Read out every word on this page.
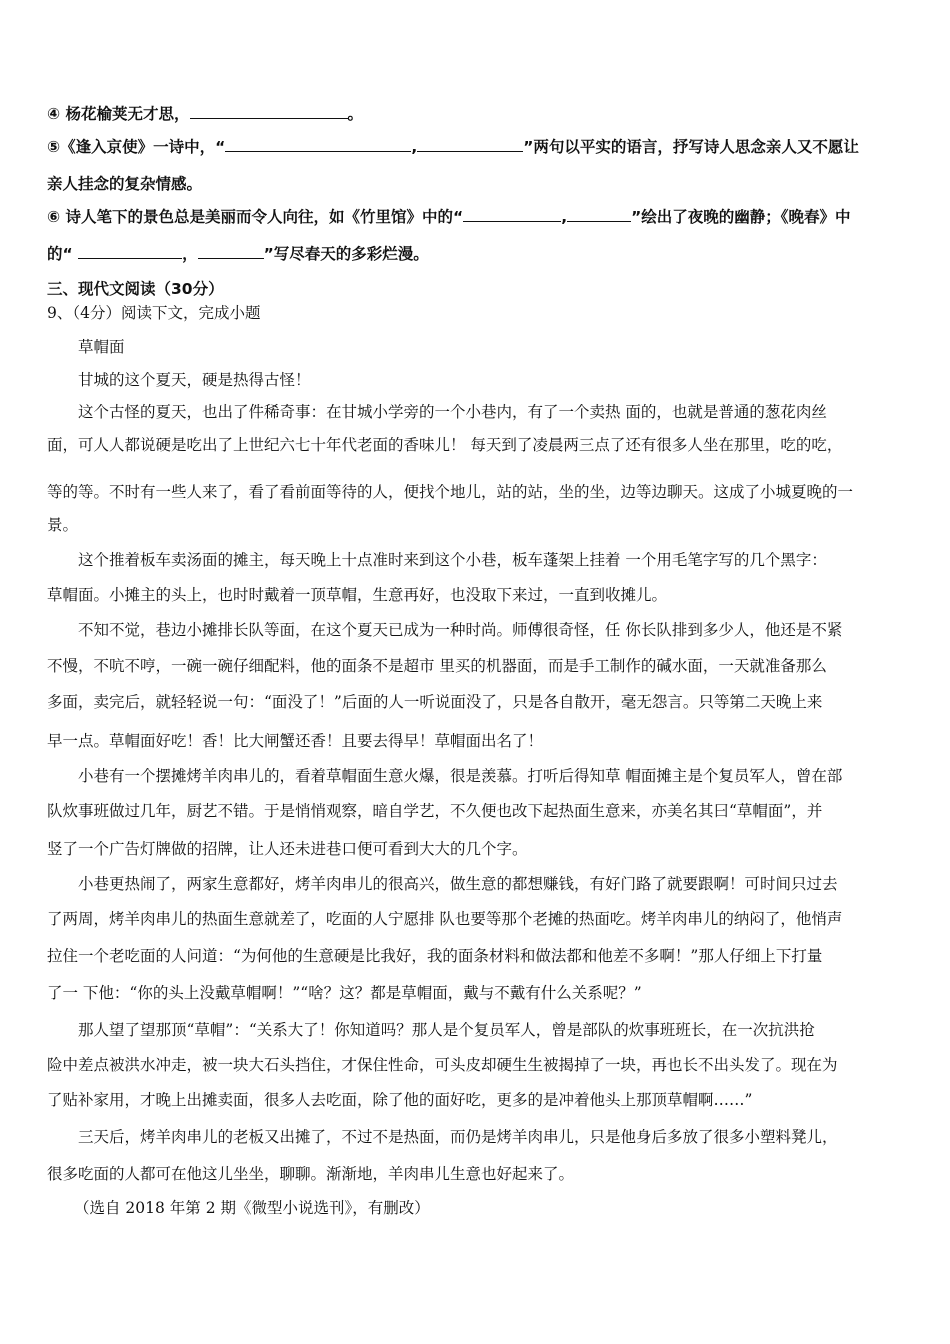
④ 杨花榆荚无才思，	。
⑤《逢入京使》一诗中，“	,	”两句以平实的语言，抒写诗人思念亲人又不愿让
亲人挂念的复杂情感。
⑥ 诗人笔下的景色总是美丽而令人向往，如《竹里馆》中的“	,	”绘出了夜晚的幽静；《晚春》中
的“	，	”写尽春天的多彩烂漫。
三、现代文阅读（30分）
9、（4分）阅读下文，完成小题
草帽面
甘城的这个夏天，硬是热得古怪！
这个古怪的夏天，也出了件稀奇事：在甘城小学旁的一个小巷内，有了一个卖热 面的，也就是普通的葱花肉丝
面，可人人都说硬是吃出了上世纪六七十年代老面的香味儿！ 每天到了凌晨两三点了还有很多人坐在那里，吃的吃，
等的等。不时有一些人来了，看了看前面等待的人，便找个地儿，站的站，坐的坐，边等边聊天。这成了小城夏晚的一
景。
这个推着板车卖汤面的摊主，每天晚上十点准时来到这个小巷，板车蓬架上挂着 一个用毛笔字写的几个黑字：
草帽面。小摊主的头上，也时时戴着一顶草帽，生意再好，也没取下来过，一直到收摊儿。
不知不觉，巷边小摊排长队等面，在这个夏天已成为一种时尚。师傅很奇怪，任 你长队排到多少人，他还是不紧
不慢，不吭不哼，一碗一碗仔细配料，他的面条不是超市 里买的机器面，而是手工制作的碱水面，一天就准备那么
多面，卖完后，就轻轻说一句：“面没了！”后面的人一听说面没了，只是各自散开，毫无怨言。只等第二天晚上来
早一点。草帽面好吃！香！比大闸蟹还香！且要去得早！草帽面出名了！
小巷有一个摆摊烤羊肉串儿的，看着草帽面生意火爆，很是羡慕。打听后得知草 帽面摊主是个复员军人，曾在部
队炊事班做过几年，厨艺不错。于是悄悄观察，暗自学艺，不久便也改下起热面生意来，亦美名其曰“草帽面”，并
竖了一个广告灯牌做的招牌，让人还未进巷口便可看到大大的几个字。
小巷更热闹了，两家生意都好，烤羊肉串儿的很高兴，做生意的都想赚钱，有好门路了就要跟啊！可时间只过去
了两周，烤羊肉串儿的热面生意就差了，吃面的人宁愿排 队也要等那个老摊的热面吃。烤羊肉串儿的纳闷了，他悄声
拉住一个老吃面的人问道：“为何他的生意硬是比我好，我的面条材料和做法都和他差不多啊！”那人仔细上下打量
了一 下他：“你的头上没戴草帽啊！”“啥？这？都是草帽面，戴与不戴有什么关系呢？”
那人望了望那顶“草帽”：“关系大了！你知道吗？那人是个复员军人，曾是部队的炊事班班长，在一次抗洪抢
险中差点被洪水冲走，被一块大石头挡住，才保住性命，可头皮却硬生生被揭掉了一块，再也长不出头发了。现在为
了贴补家用，才晚上出摊卖面，很多人去吃面，除了他的面好吃，更多的是冲着他头上那顶草帽啊……”
三天后，烤羊肉串儿的老板又出摊了，不过不是热面，而仍是烤羊肉串儿，只是他身后多放了很多小塑料凳儿，
很多吃面的人都可在他这儿坐坐，聊聊。渐渐地，羊肉串儿生意也好起来了。
（选自 2018 年第 2 期《微型小说选刊》，有删改）
